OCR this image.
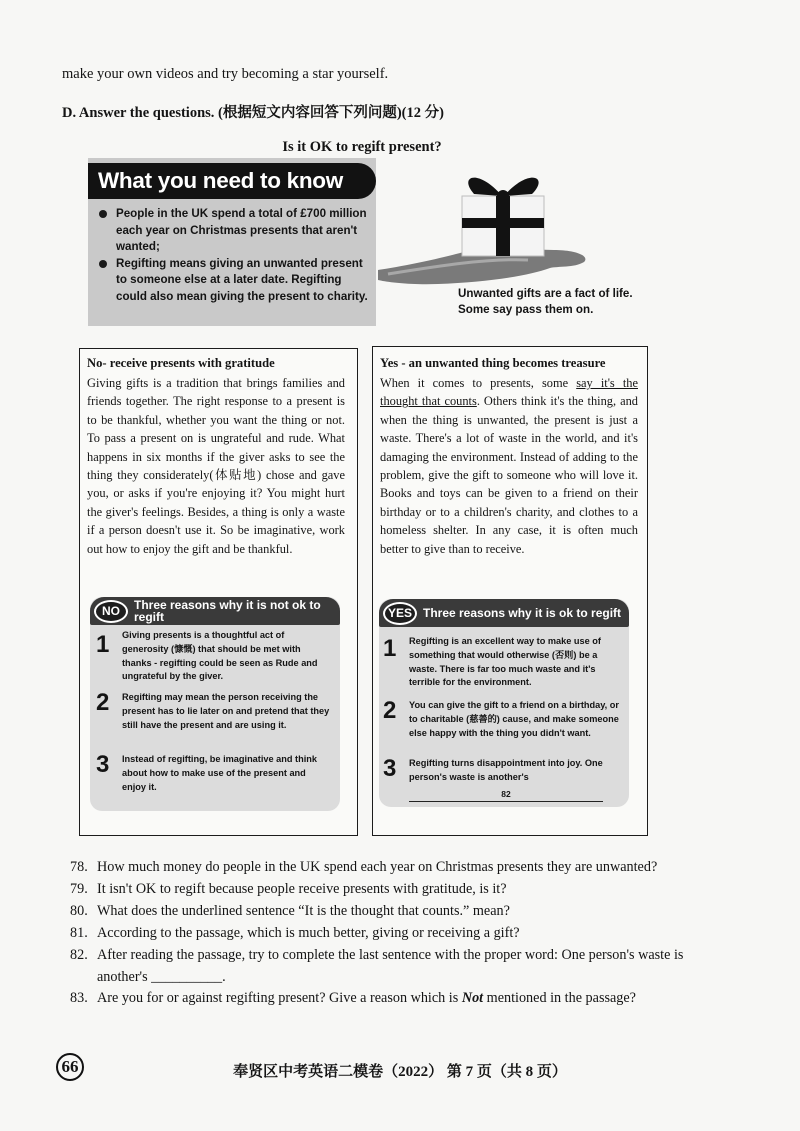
make your own videos and try becoming a star yourself.
D. Answer the questions. (根据短文内容回答下列问题)(12 分)
Is it OK to regift present?
What you need to know
People in the UK spend a total of £700 million each year on Christmas presents that aren't wanted;
Regifting means giving an unwanted present to someone else at a later date. Regifting could also mean giving the present to charity.	Unwanted gifts are a fact of life.
Some say pass them on.
No- receive presents with gratitude
Giving gifts is a tradition that brings families and friends together. The right response to a present is to be thankful, whether you want the thing or not. To pass a present on is ungrateful and rude. What happens in six months if the giver asks to see the thing they considerately(体贴地) chose and gave you, or asks if you're enjoying it? You might hurt the giver's feelings. Besides, a thing is only a waste if a person doesn't use it. So be imaginative, work out how to enjoy the gift and be thankful.
NO	Three reasons why it is not ok to regift
1 Giving presents is a thoughtful act of generosity (慷慨) that should be met with thanks - regifting could be seen as Rude and ungrateful by the giver.
2 Regifting may mean the person receiving the present has to lie later on and pretend that they still have the present and are using it.
3 Instead of regifting, be imaginative and think about how to make use of the present and enjoy it.
Yes - an unwanted thing becomes treasure
When it comes to presents, some say it's the thought that counts. Others think it's the thing, and when the thing is unwanted, the present is just a waste. There's a lot of waste in the world, and it's damaging the environment. Instead of adding to the problem, give the gift to someone who will love it. Books and toys can be given to a friend on their birthday or to a children's charity, and clothes to a homeless shelter. In any case, it is often much better to give than to receive.
YES Three reasons why it is ok to regift
1 Regifting is an excellent way to make use of something that would otherwise (否则) be a waste. There is far too much waste and it's terrible for the environment.
2 You can give the gift to a friend on a birthday, or to charitable (慈善的) cause, and make someone else happy with the thing you didn't want.
3 Regifting turns disappointment into joy. One person's waste is another's
82
78. How much money do people in the UK spend each year on Christmas presents they are unwanted?
79. It isn't OK to regift because people receive presents with gratitude, is it?
80. What does the underlined sentence “It is the thought that counts.” mean?
81. According to the passage, which is much better, giving or receiving a gift?
82. After reading the passage, try to complete the last sentence with the proper word: One person's waste is another's __________.
83. Are you for or against regifting present? Give a reason which is Not mentioned in the passage?
66	奉贤区中考英语二模卷（2022） 第 7 页（共 8 页）
